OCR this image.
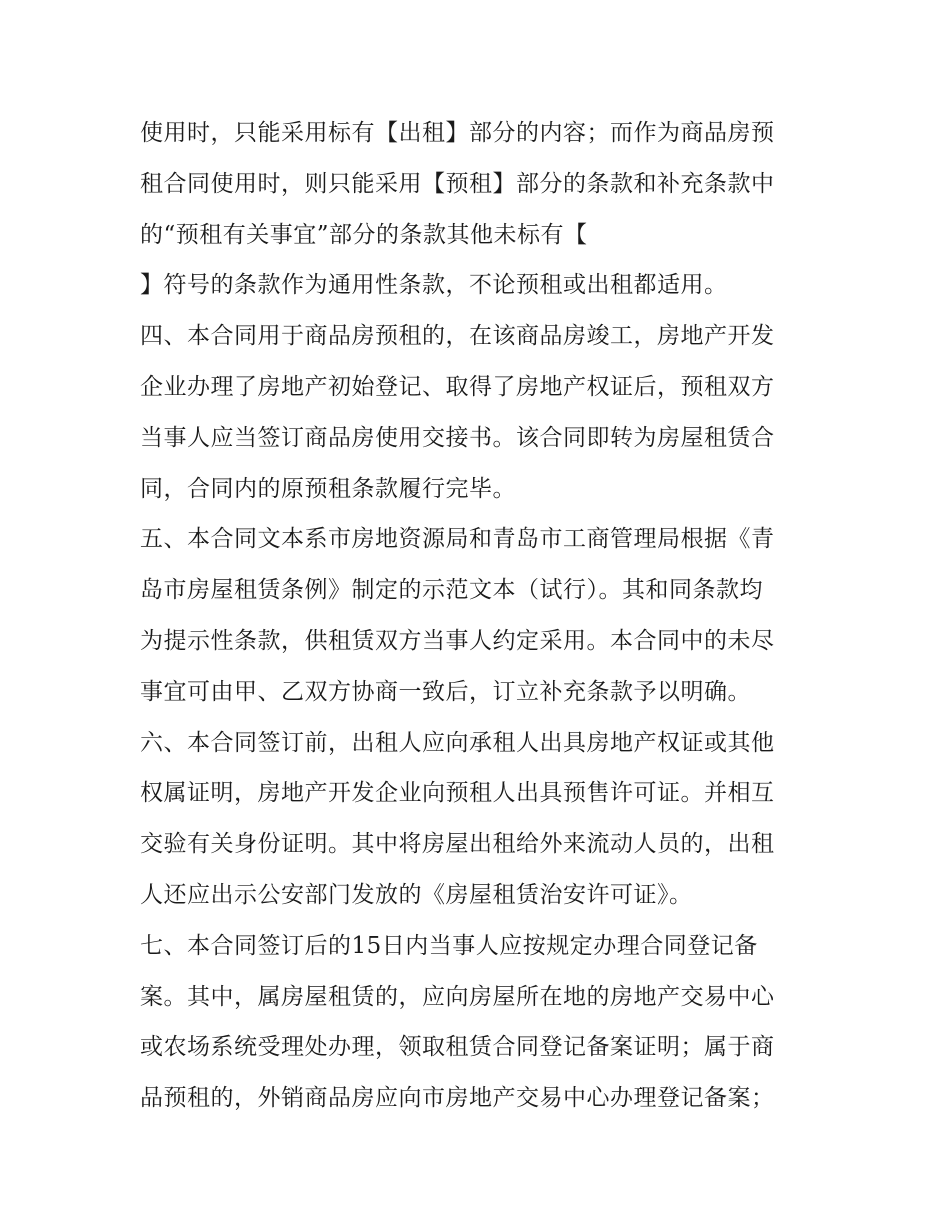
使用时，只能采用标有【出租】部分的内容；而作为商品房预
租合同使用时，则只能采用【预租】部分的条款和补充条款中
的“预租有关事宜”部分的条款其他未标有【
】符号的条款作为通用性条款，不论预租或出租都适用。
四、本合同用于商品房预租的，在该商品房竣工，房地产开发
企业办理了房地产初始登记、取得了房地产权证后，预租双方
当事人应当签订商品房使用交接书。该合同即转为房屋租赁合
同，合同内的原预租条款履行完毕。
五、本合同文本系市房地资源局和青岛市工商管理局根据《青
岛市房屋租赁条例》制定的示范文本（试行）。其和同条款均
为提示性条款，供租赁双方当事人约定采用。本合同中的未尽
事宜可由甲、乙双方协商一致后，订立补充条款予以明确。
六、本合同签订前，出租人应向承租人出具房地产权证或其他
权属证明，房地产开发企业向预租人出具预售许可证。并相互
交验有关身份证明。其中将房屋出租给外来流动人员的，出租
人还应出示公安部门发放的《房屋租赁治安许可证》。
七、本合同签订后的15日内当事人应按规定办理合同登记备
案。其中，属房屋租赁的，应向房屋所在地的房地产交易中心
或农场系统受理处办理，领取租赁合同登记备案证明；属于商
品预租的，外销商品房应向市房地产交易中心办理登记备案；
